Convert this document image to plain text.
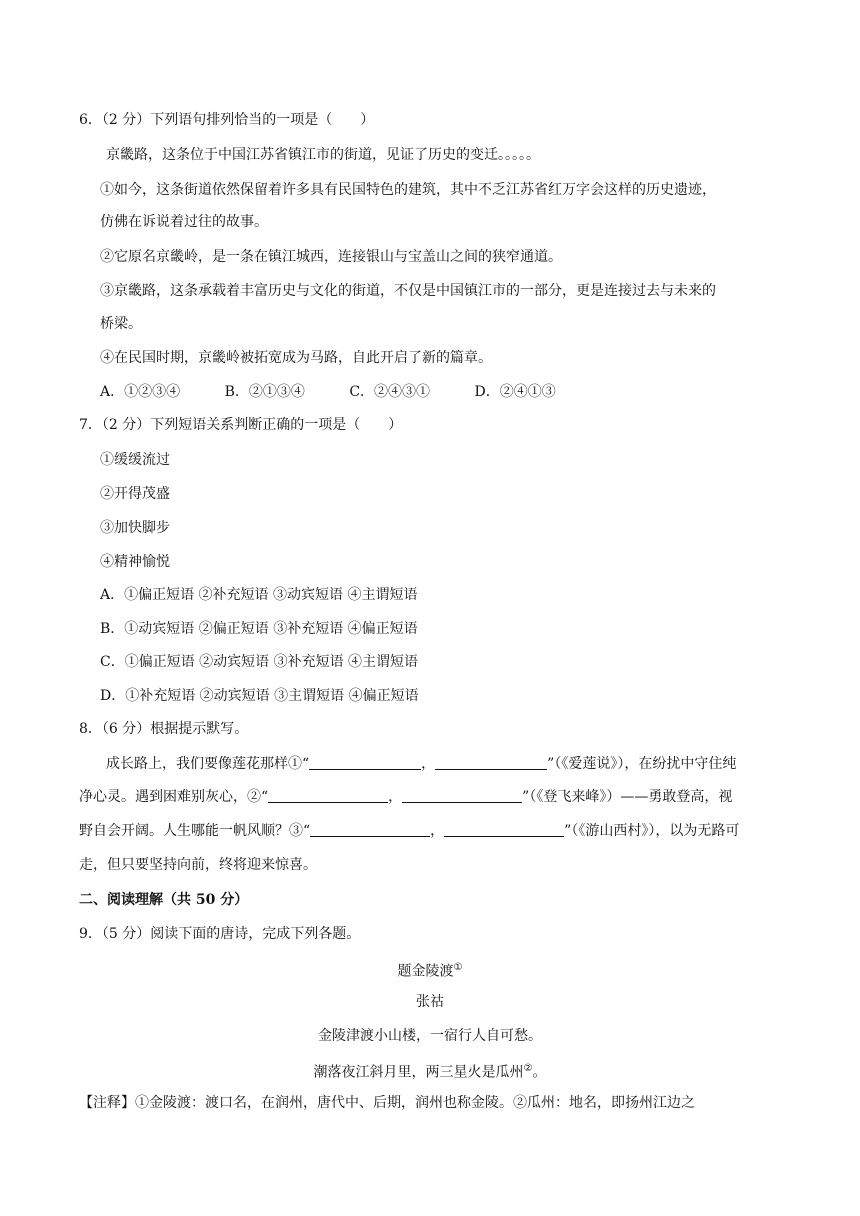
6．（2 分）下列语句排列恰当的一项是（　　）
京畿路，这条位于中国江苏省镇江市的街道，见证了历史的变迁。。。。。
①如今，这条街道依然保留着许多具有民国特色的建筑，其中不乏江苏省红万字会这样的历史遗迹，
仿佛在诉说着过往的故事。
②它原名京畿岭，是一条在镇江城西，连接银山与宝盖山之间的狭窄通道。
③京畿路，这条承载着丰富历史与文化的街道，不仅是中国镇江市的一部分，更是连接过去与未来的
桥梁。
④在民国时期，京畿岭被拓宽成为马路，自此开启了新的篇章。
A．①②③④	B．②①③④	C．②④③①	D．②④①③
7．（2 分）下列短语关系判断正确的一项是（　　）
①缓缓流过
②开得茂盛
③加快脚步
④精神愉悦
A．①偏正短语 ②补充短语 ③动宾短语 ④主谓短语
B．①动宾短语 ②偏正短语 ③补充短语 ④偏正短语
C．①偏正短语 ②动宾短语 ③补充短语 ④主谓短语
D．①补充短语 ②动宾短语 ③主谓短语 ④偏正短语
8．（6 分）根据提示默写。
成长路上，我们要像莲花那样①“	，	”（《爱莲说》），在纷扰中守住纯
净心灵。遇到困难别灰心，②“	，	”（《登飞来峰》）——勇敢登高，视
野自会开阔。人生哪能一帆风顺？③“	，	”（《游山西村》），以为无路可
走，但只要坚持向前，终将迎来惊喜。
二、阅读理解（共 50 分）
9．（5 分）阅读下面的唐诗，完成下列各题。
题金陵渡①
张祜
金陵津渡小山楼，一宿行人自可愁。
潮落夜江斜月里，两三星火是瓜州②。
【注释】①金陵渡：渡口名，在润州，唐代中、后期，润州也称金陵。②瓜州：地名，即扬州江边之
